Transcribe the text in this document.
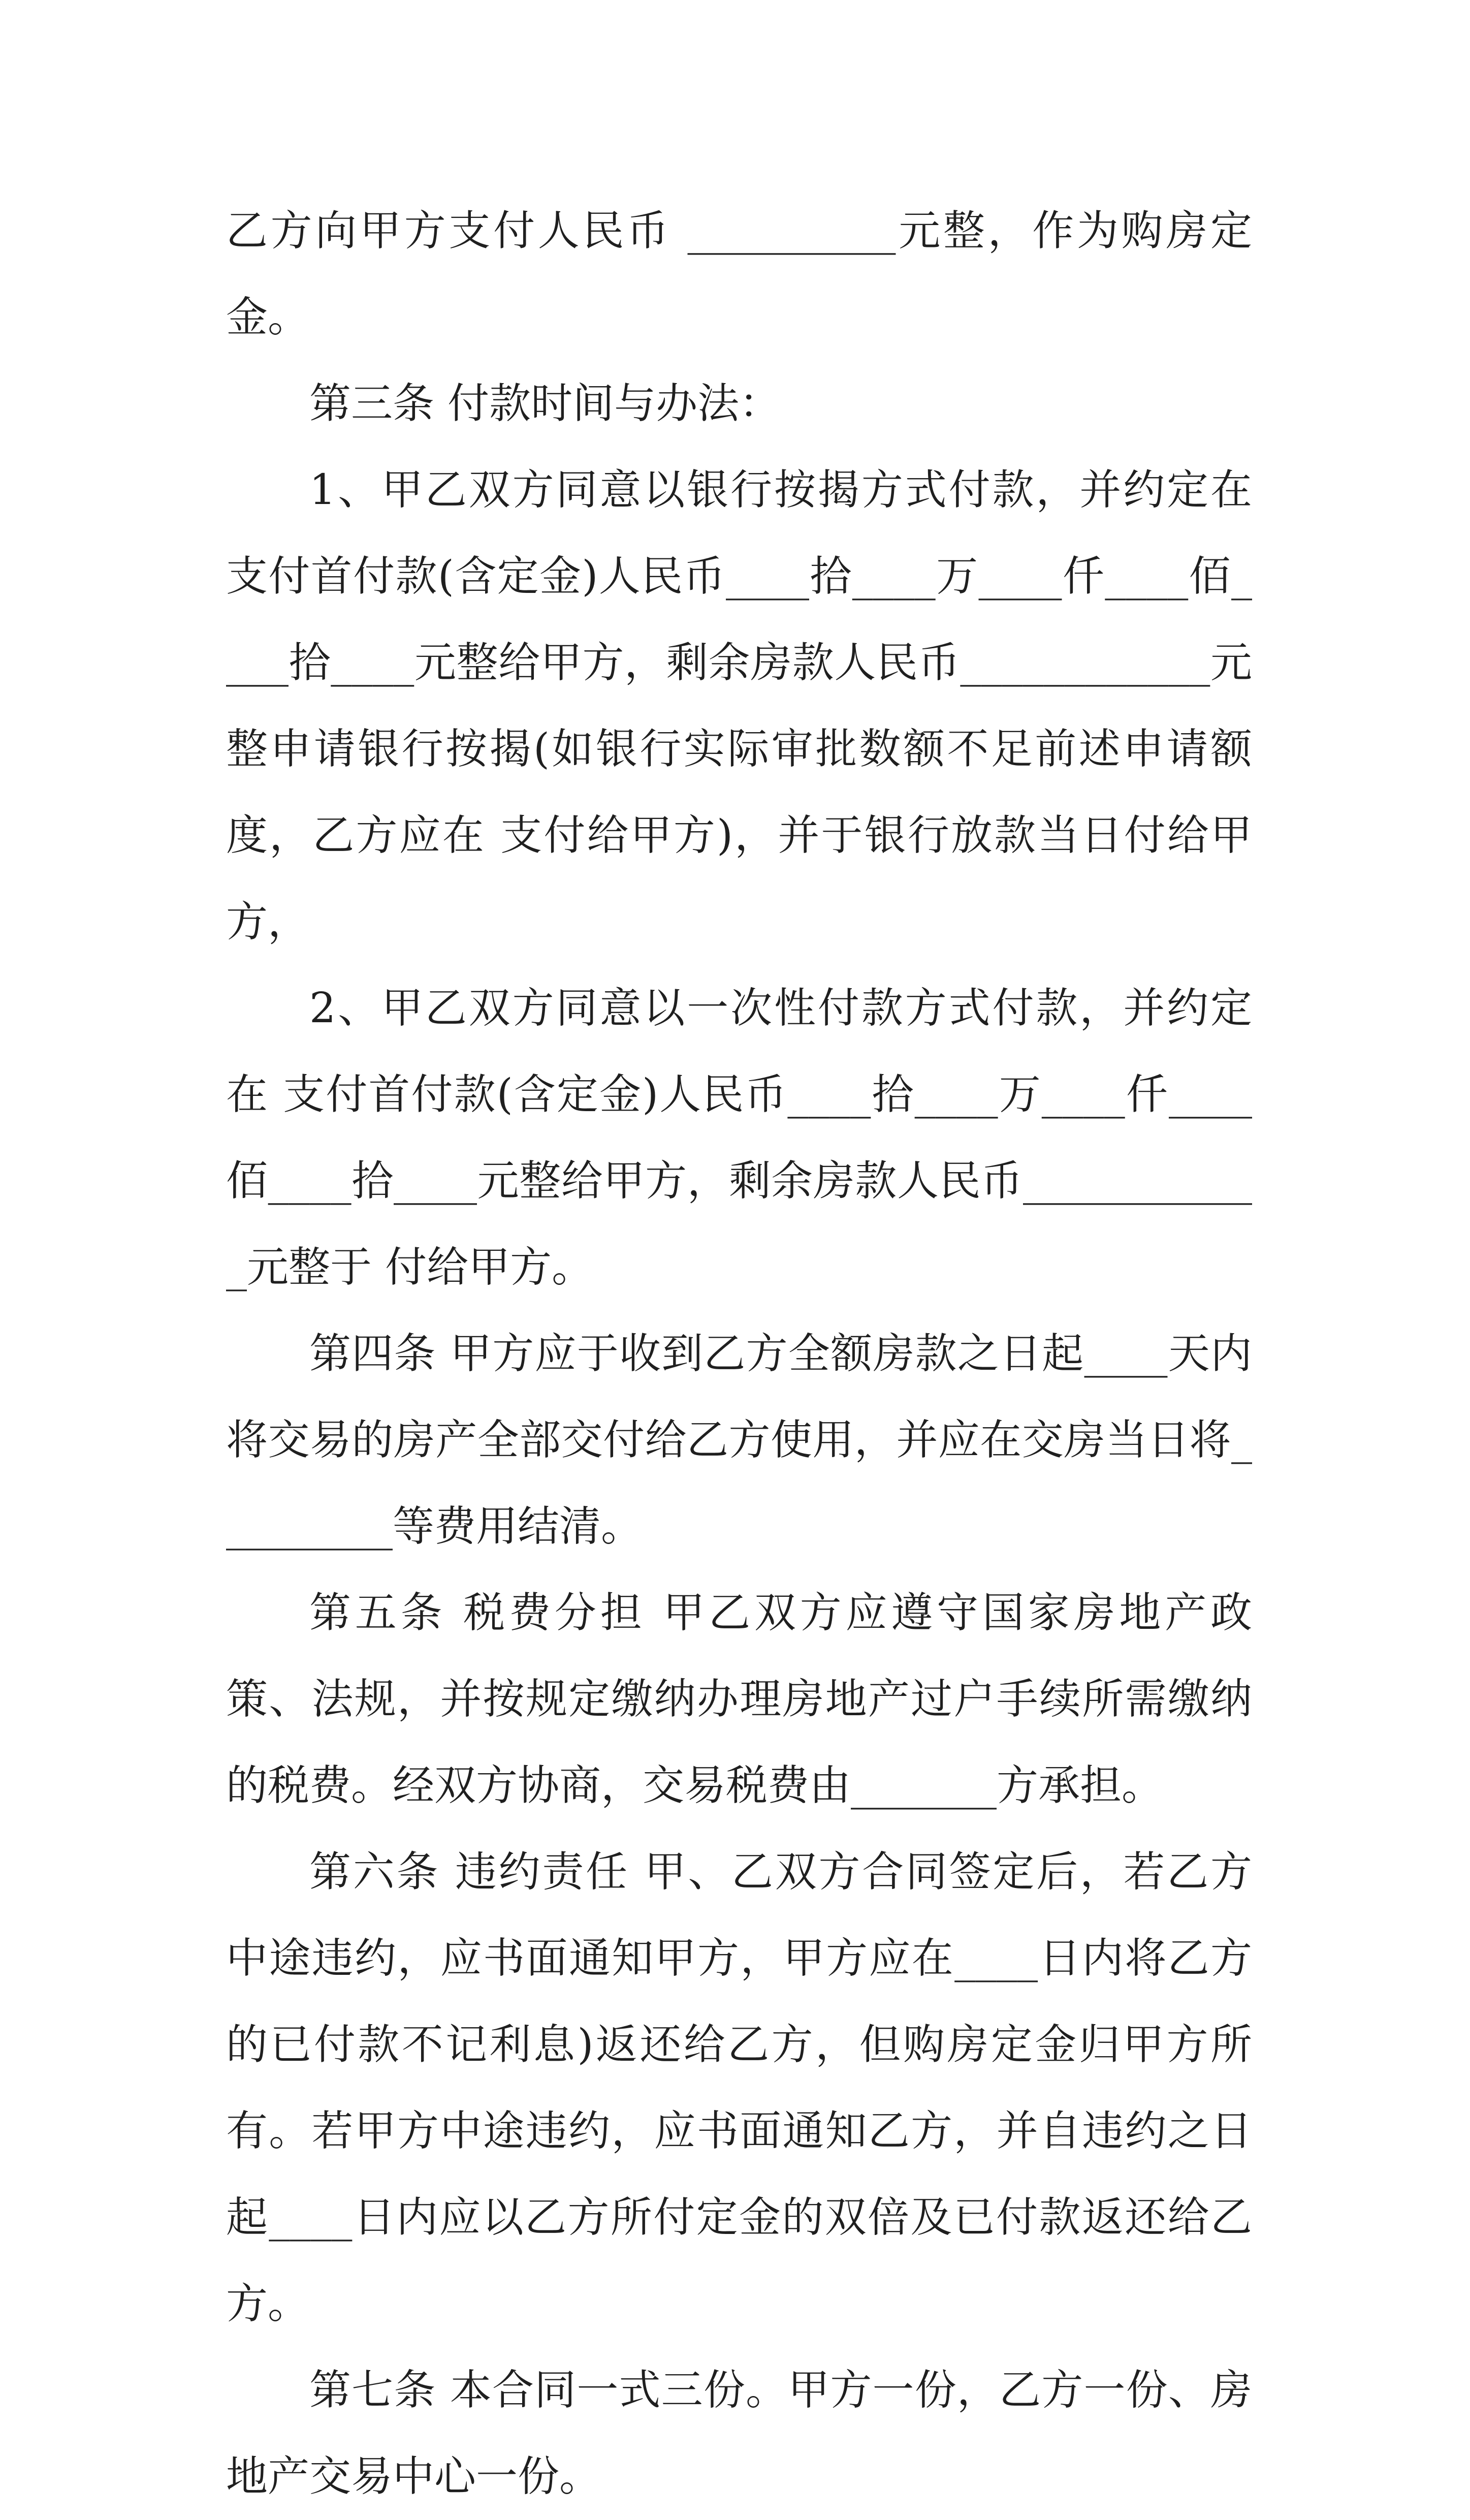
乙方向甲方支付人民币 __________元整，作为购房定金。

第三条 付款时间与办法：

1、甲乙双方同意以银行按揭方式付款，并约定在 支付首付款(含定金)人民币____拾____万____仟____佰____拾____元整给甲方，剩余房款人民币____________元整申请银行按揭(如银行实际审批数额不足前述申请额度，乙方应在 支付给甲方)，并于银行放款当日付给甲方，

2、甲乙双方同意以一次性付款方式付款，并约定在 支付首付款(含定金)人民币____拾____万____仟____佰____拾____元整给甲方，剩余房款人民币____________元整于 付给甲方。

第四条 甲方应于收到乙方全额房款之日起____天内将交易的房产全部交付给乙方使用，并应在交房当日将_________等费用结清。

第五条 税费分担 甲乙双方应遵守国家房地产政策、法规，并按规定缴纳办理房地产过户手续所需缴纳的税费。经双方协商，交易税费由_______方承担。

第六条 违约责任 甲、乙双方合同签定后，若乙方中途违约，应书面通知甲方，甲方应在____日内将乙方的已付款不记利息)返还给乙方，但购房定金归甲方所有。若甲方中途违约，应书面通知乙方，并自违约之日起____日内应以乙方所付定金的双倍及已付款返还给乙方。

第七条 本合同一式三份。甲方一份，乙方一份、房地产交易中心一份。
